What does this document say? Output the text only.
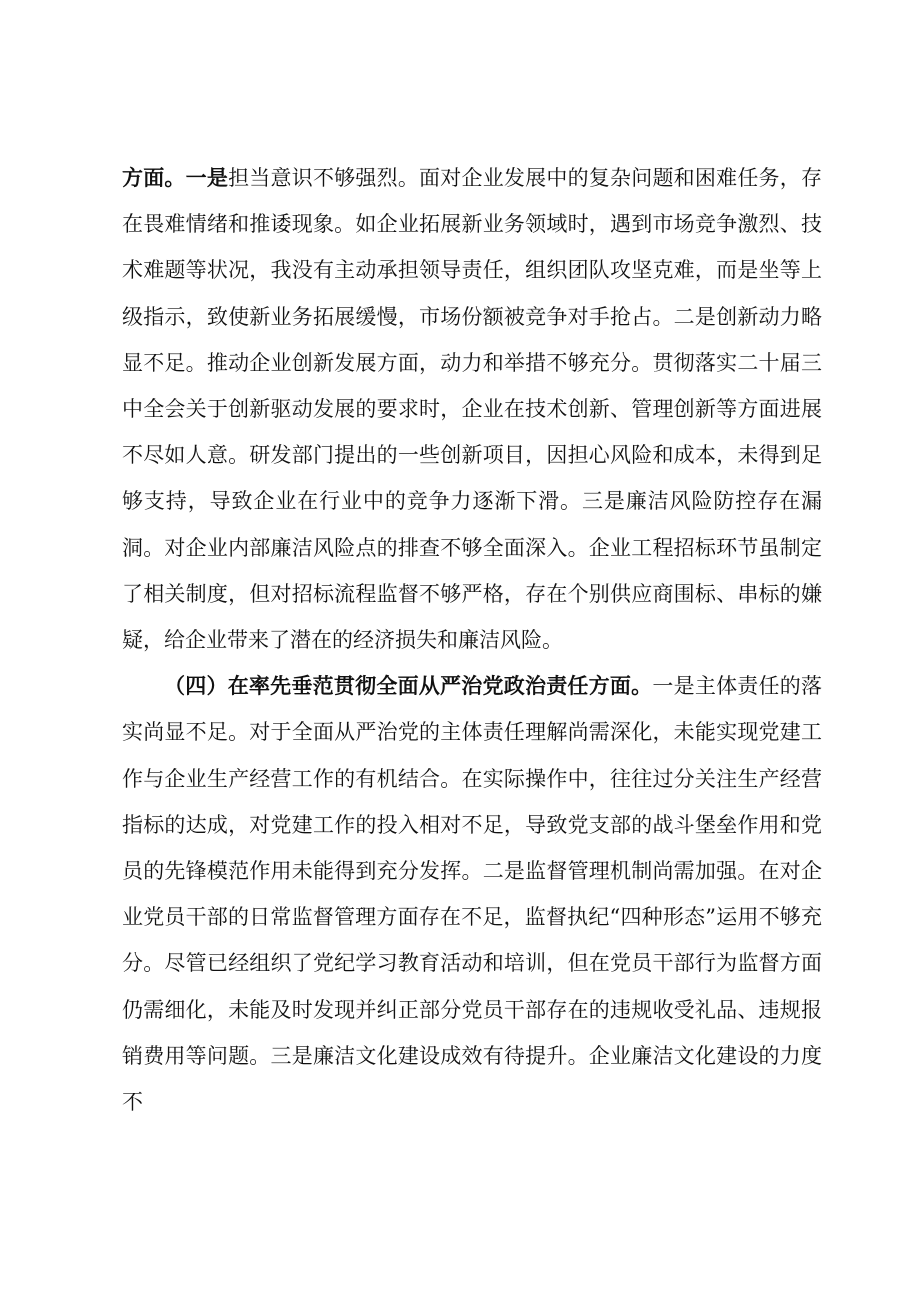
方面。一是担当意识不够强烈。面对企业发展中的复杂问题和困难任务，存在畏难情绪和推诿现象。如企业拓展新业务领域时，遇到市场竞争激烈、技术难题等状况，我没有主动承担领导责任，组织团队攻坚克难，而是坐等上级指示，致使新业务拓展缓慢，市场份额被竞争对手抢占。二是创新动力略显不足。推动企业创新发展方面，动力和举措不够充分。贯彻落实二十届三中全会关于创新驱动发展的要求时，企业在技术创新、管理创新等方面进展不尽如人意。研发部门提出的一些创新项目，因担心风险和成本，未得到足够支持，导致企业在行业中的竞争力逐渐下滑。三是廉洁风险防控存在漏洞。对企业内部廉洁风险点的排查不够全面深入。企业工程招标环节虽制定了相关制度，但对招标流程监督不够严格，存在个别供应商围标、串标的嫌疑，给企业带来了潜在的经济损失和廉洁风险。

（四）在率先垂范贯彻全面从严治党政治责任方面。一是主体责任的落实尚显不足。对于全面从严治党的主体责任理解尚需深化，未能实现党建工作与企业生产经营工作的有机结合。在实际操作中，往往过分关注生产经营指标的达成，对党建工作的投入相对不足，导致党支部的战斗堡垒作用和党员的先锋模范作用未能得到充分发挥。二是监督管理机制尚需加强。在对企业党员干部的日常监督管理方面存在不足，监督执纪“四种形态”运用不够充分。尽管已经组织了党纪学习教育活动和培训，但在党员干部行为监督方面仍需细化，未能及时发现并纠正部分党员干部存在的违规收受礼品、违规报销费用等问题。三是廉洁文化建设成效有待提升。企业廉洁文化建设的力度不
